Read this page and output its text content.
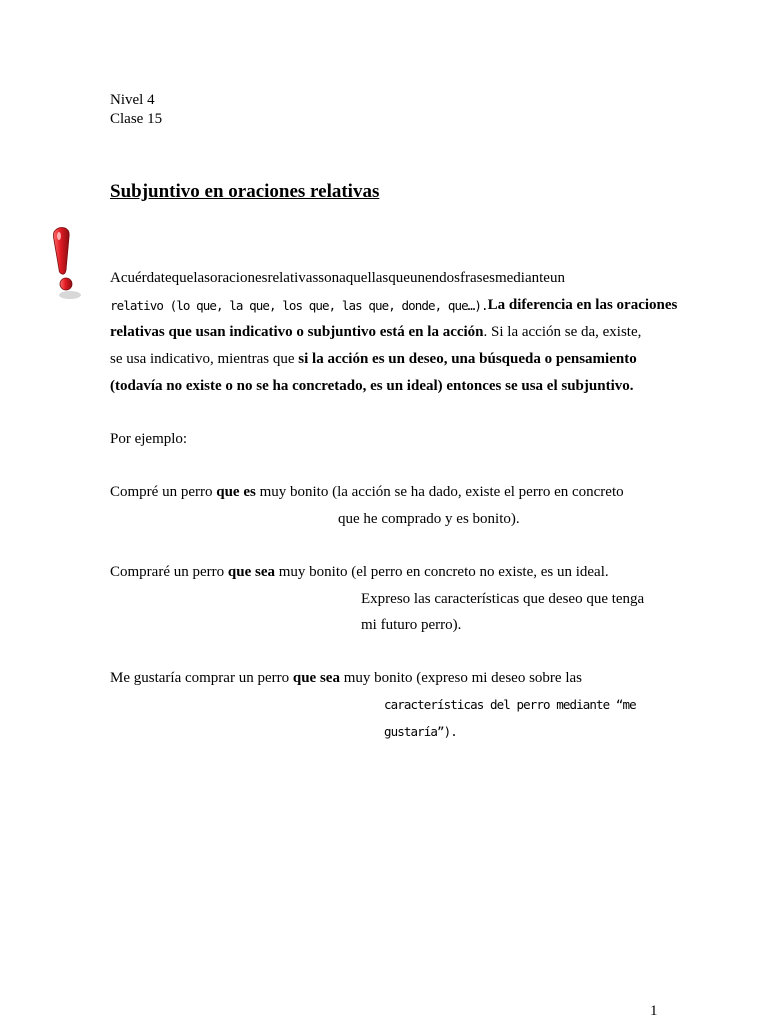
Nivel 4
Clase 15
Subjuntivo en oraciones relativas
Acuérdatequelasoracionesrelativassonaquellasqueunendosfrasesmedianteun
relativo (lo que, la que, los que, las que, donde, que…). La diferencia en las oraciones
relativas que usan indicativo o subjuntivo está en la acción. Si la acción se da, existe,
se usa indicativo, mientras que si la acción es un deseo, una búsqueda o pensamiento
(todavía no existe o no se ha concretado, es un ideal) entonces se usa el subjuntivo.
Por ejemplo:
Compré un perro que es muy bonito (la acción se ha dado, existe el perro en concreto
que he comprado y es bonito).
Compraré un perro que sea muy bonito (el perro en concreto no existe, es un ideal.
Expreso las características que deseo que tenga
mi futuro perro).
Me gustaría comprar un perro que sea muy bonito (expreso mi deseo sobre las
características del perro mediante “me
gustaría”).
1
